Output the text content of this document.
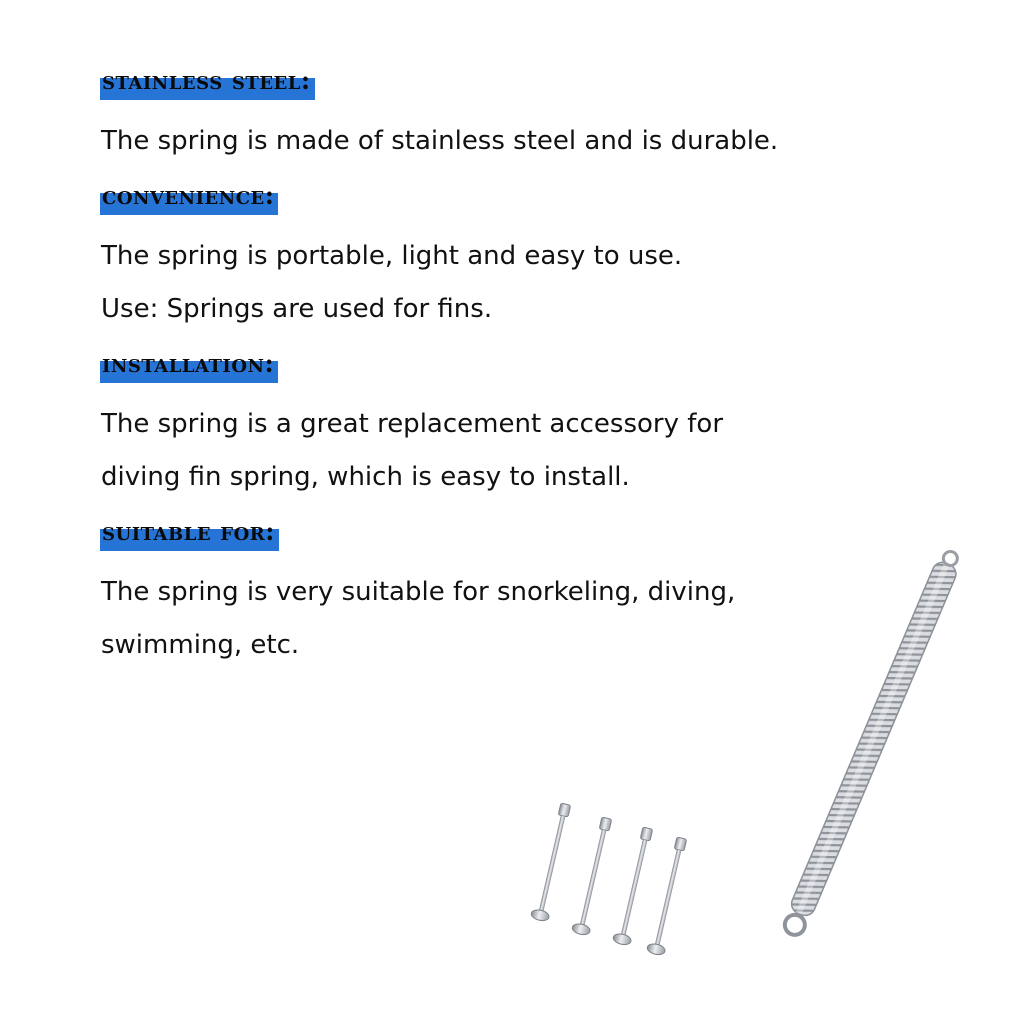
stainless steel:
The spring is made of stainless steel and is durable.
convenience:
The spring is portable, light and easy to use.
Use: Springs are used for fins.
installation:
The spring is a great replacement accessory for
diving fin spring, which is easy to install.
suitable for:
The spring is very suitable for snorkeling, diving,
swimming, etc.
